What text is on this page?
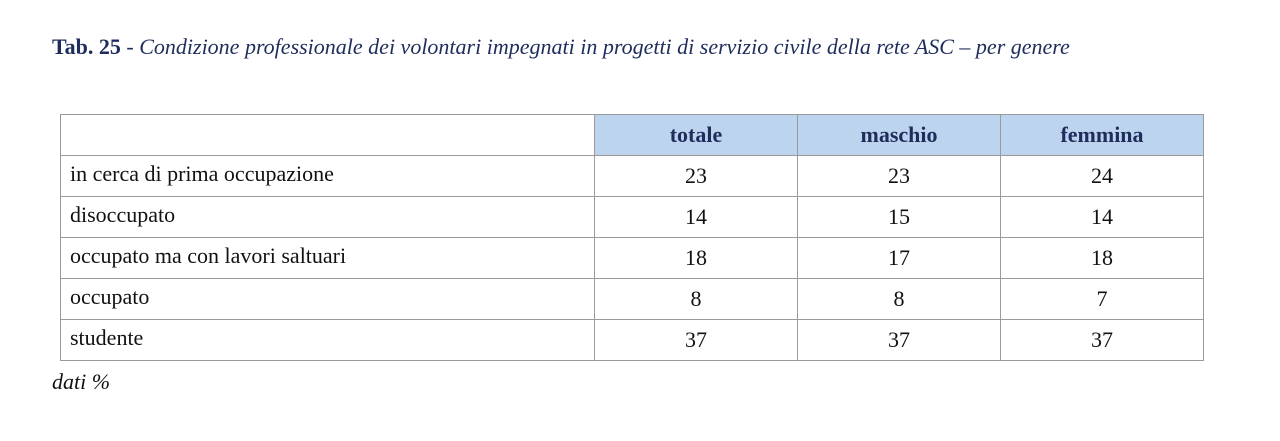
Tab. 25 - Condizione professionale dei volontari impegnati in progetti di servizio civile della rete ASC – per genere
	totale	maschio	femmina
in cerca di prima occupazione	23	23	24
disoccupato	14	15	14
occupato ma con lavori saltuari	18	17	18
occupato	8	8	7
studente	37	37	37
dati %
